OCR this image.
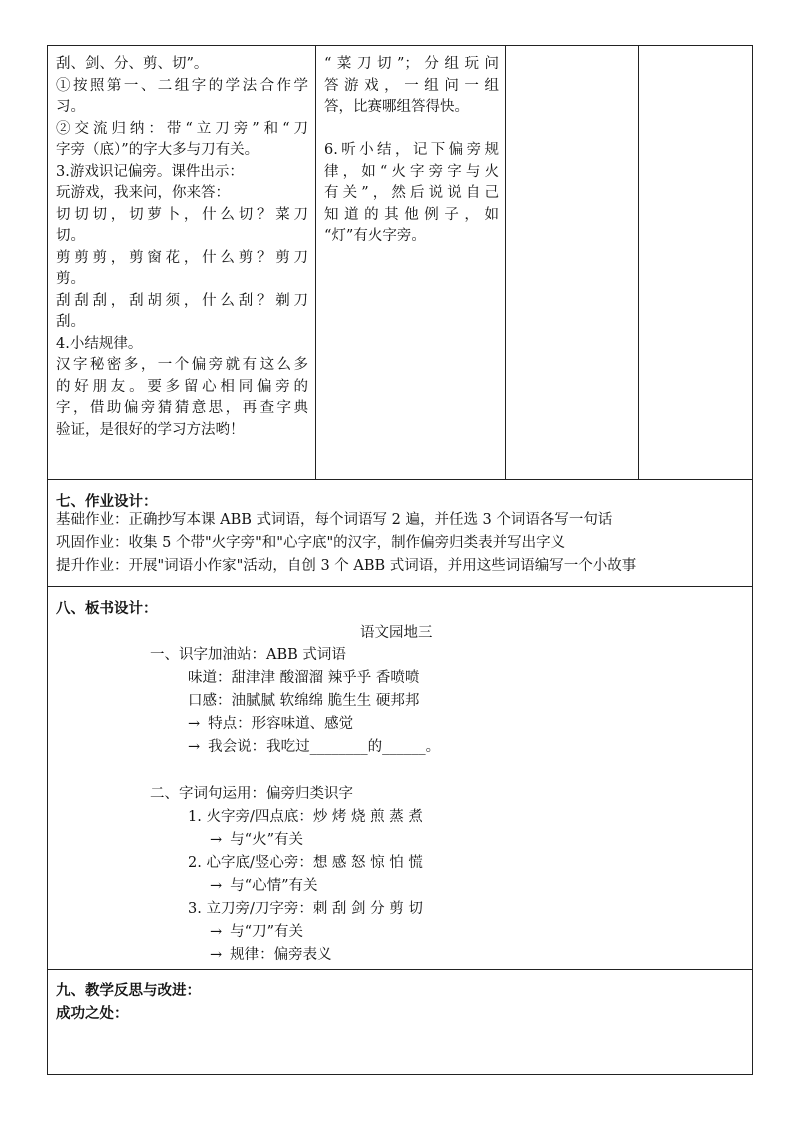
刮、剑、分、剪、切”。
①按照第一、二组字的学法合作学
习。
②交流归纳：带“立刀旁”和“刀
字旁（底）”的字大多与刀有关。
3.游戏识记偏旁。课件出示：
玩游戏，我来问，你来答：
切切切，切萝卜，什么切？菜刀
切。
剪剪剪，剪窗花，什么剪？剪刀
剪。
刮刮刮，刮胡须，什么刮？剃刀
刮。
4.小结规律。
汉字秘密多，一个偏旁就有这么多
的好朋友。要多留心相同偏旁的
字，借助偏旁猜猜意思，再查字典
验证，是很好的学习方法哟！
“菜刀切”；分组玩问
答游戏，一组问一组
答，比赛哪组答得快。
6.听小结，记下偏旁规
律，如“火字旁字与火
有关”，然后说说自己
知道的其他例子，如
“灯”有火字旁。
七、作业设计：
基础作业：正确抄写本课 ABB 式词语，每个词语写 2 遍，并任选 3 个词语各写一句话
巩固作业：收集 5 个带"火字旁"和"心字底"的汉字，制作偏旁归类表并写出字义
提升作业：开展"词语小作家"活动，自创 3 个 ABB 式词语，并用这些词语编写一个小故事
八、板书设计：
语文园地三
一、识字加油站：ABB 式词语
味道：甜津津 酸溜溜 辣乎乎 香喷喷
口感：油腻腻 软绵绵 脆生生 硬邦邦
→ 特点：形容味道、感觉
→ 我会说：我吃过________的______。
二、字词句运用：偏旁归类识字
1. 火字旁/四点底：炒 烤 烧 煎 蒸 煮
→ 与“火”有关
2. 心字底/竖心旁：想 感 怒 惊 怕 慌
→ 与“心情”有关
3. 立刀旁/刀字旁：刺 刮 剑 分 剪 切
→ 与“刀”有关
→ 规律：偏旁表义
九、教学反思与改进：
成功之处：
